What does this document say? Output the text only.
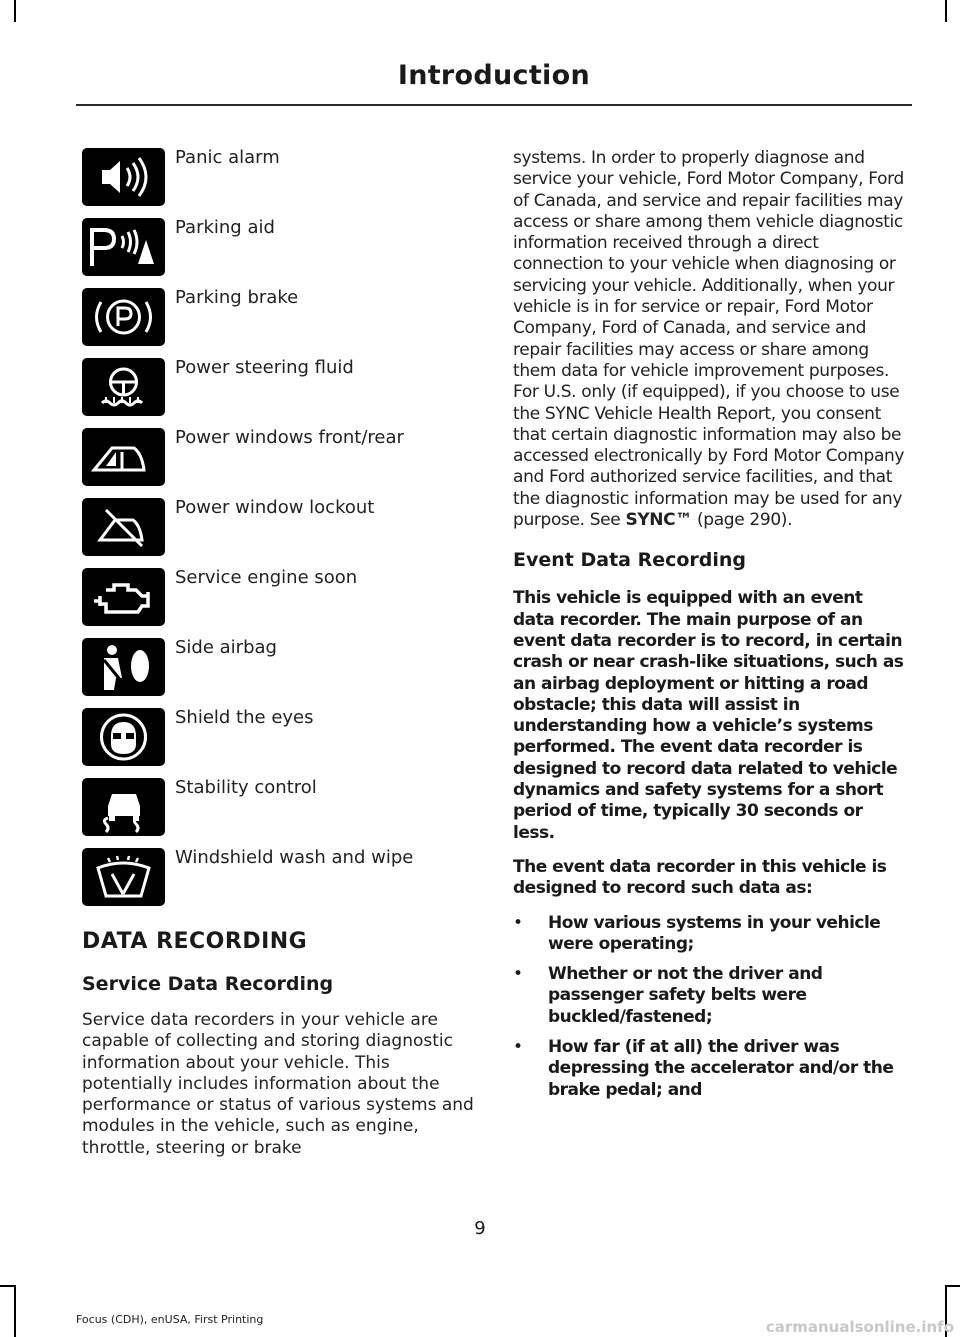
Introduction
Panic alarm
Parking aid
Parking brake
Power steering fluid
Power windows front/rear
Power window lockout
Service engine soon
Side airbag
Shield the eyes
Stability control
Windshield wash and wipe
DATA RECORDING
Service Data Recording

Service data recorders in your vehicle are capable of collecting and storing diagnostic information about your vehicle. This potentially includes information about the performance or status of various systems and modules in the vehicle, such as engine, throttle, steering or brake

systems. In order to properly diagnose and service your vehicle, Ford Motor Company, Ford of Canada, and service and repair facilities may access or share among them vehicle diagnostic information received through a direct connection to your vehicle when diagnosing or servicing your vehicle. Additionally, when your vehicle is in for service or repair, Ford Motor Company, Ford of Canada, and service and repair facilities may access or share among them data for vehicle improvement purposes. For U.S. only (if equipped), if you choose to use the SYNC Vehicle Health Report, you consent that certain diagnostic information may also be accessed electronically by Ford Motor Company and Ford authorized service facilities, and that the diagnostic information may be used for any purpose. See SYNC™ (page 290).

Event Data Recording

This vehicle is equipped with an event data recorder. The main purpose of an event data recorder is to record, in certain crash or near crash-like situations, such as an airbag deployment or hitting a road obstacle; this data will assist in understanding how a vehicle’s systems performed. The event data recorder is designed to record data related to vehicle dynamics and safety systems for a short period of time, typically 30 seconds or less.

The event data recorder in this vehicle is designed to record such data as:

• How various systems in your vehicle were operating;
• Whether or not the driver and passenger safety belts were buckled/fastened;
• How far (if at all) the driver was depressing the accelerator and/or the brake pedal; and
9
Focus (CDH), enUSA, First Printing	carmanualsonline.info
